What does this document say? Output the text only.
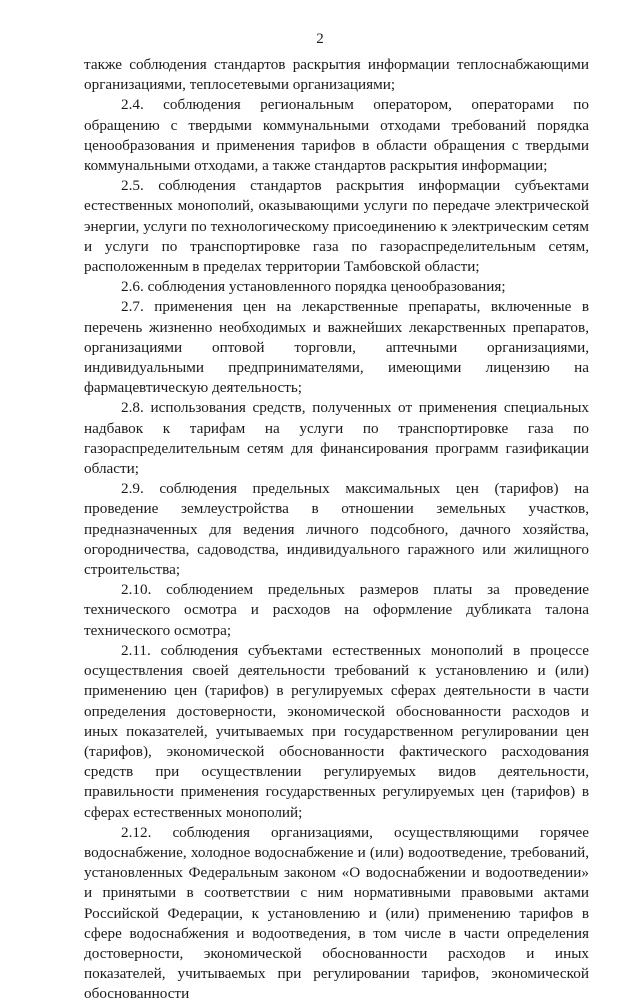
2

также соблюдения стандартов раскрытия информации теплоснабжающими организациями, теплосетевыми организациями;

2.4. соблюдения региональным оператором, операторами по обращению с твердыми коммунальными отходами требований порядка ценообразования и применения тарифов в области обращения с твердыми коммунальными отходами, а также стандартов раскрытия информации;

2.5. соблюдения стандартов раскрытия информации субъектами естественных монополий, оказывающими услуги по передаче электрической энергии, услуги по технологическому присоединению к электрическим сетям и услуги по транспортировке газа по газораспределительным сетям, расположенным в пределах территории Тамбовской области;

2.6. соблюдения установленного порядка ценообразования;

2.7. применения цен на лекарственные препараты, включенные в перечень жизненно необходимых и важнейших лекарственных препаратов, организациями оптовой торговли, аптечными организациями, индивидуальными предпринимателями, имеющими лицензию на фармацевтическую деятельность;

2.8. использования средств, полученных от применения специальных надбавок к тарифам на услуги по транспортировке газа по газораспределительным сетям для финансирования программ газификации области;

2.9. соблюдения предельных максимальных цен (тарифов) на проведение землеустройства в отношении земельных участков, предназначенных для ведения личного подсобного, дачного хозяйства, огородничества, садоводства, индивидуального гаражного или жилищного строительства;

2.10. соблюдением предельных размеров платы за проведение технического осмотра и расходов на оформление дубликата талона технического осмотра;

2.11. соблюдения субъектами естественных монополий в процессе осуществления своей деятельности требований к установлению и (или) применению цен (тарифов) в регулируемых сферах деятельности в части определения достоверности, экономической обоснованности расходов и иных показателей, учитываемых при государственном регулировании цен (тарифов), экономической обоснованности фактического расходования средств при осуществлении регулируемых видов деятельности, правильности применения государственных регулируемых цен (тарифов) в сферах естественных монополий;

2.12. соблюдения организациями, осуществляющими горячее водоснабжение, холодное водоснабжение и (или) водоотведение, требований, установленных Федеральным законом «О водоснабжении и водоотведении» и принятыми в соответствии с ним нормативными правовыми актами Российской Федерации, к установлению и (или) применению тарифов в сфере водоснабжения и водоотведения, в том числе в части определения достоверности, экономической обоснованности расходов и иных показателей, учитываемых при регулировании тарифов, экономической обоснованности
